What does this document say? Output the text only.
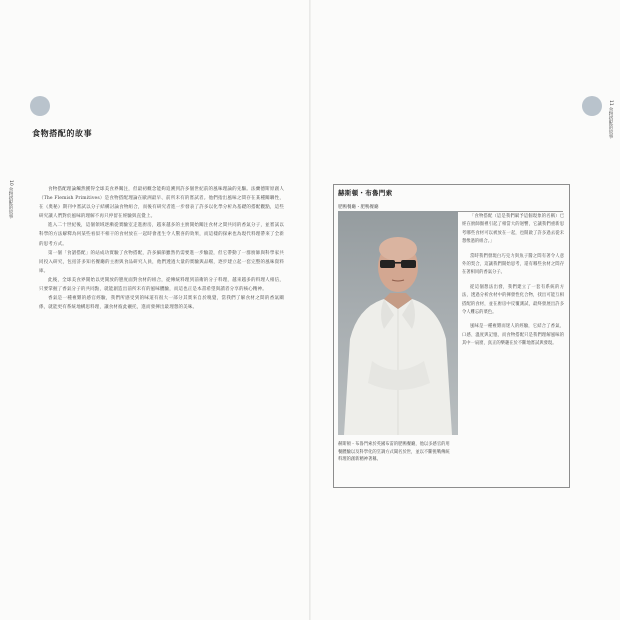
10 食物搭配的故事
11 食物搭配的故事
食物搭配的故事

食物搭配理論觸然獲得全球美食界關注，但最初概念能夠追溯到許多個世紀前的風味理論的先驅。法蘭德斯原創人（The Flemish Primitives）是食物搭配理論在歐洲最早、前所未有的嘗試者。他們指出風味之間存在某種關聯性，在《奧秘》期刊中嘗試以分子結構討論食物組合，而後有研究者進一步發表了許多以化學分析為基礎的搭配觀點，這些研究讓人們對於風味的理解不再只停留在經驗與直覺上。

進入二十世紀後，這個領域逐漸從實驗室走進廚房，越來越多的主廚開始關注食材之間共同的香氣分子，並嘗試以科學的方法解釋為何某些看似不相干的食材放在一起時會產生令人驚喜的效果，而這樣的探索也為現代料理帶來了全新的思考方式。

第一個「食譜搭配」的站成功實驗了食物搭配，許多細節雖然仍需要進一步驗證，但它帶動了一群廚師與科學家共同投入研究，包括許多知名餐廳的主廚與食品研究人員，他們透過大量的實驗與品嚐，逐步建立起一套完整的風味資料庫。

此後，全球美食界開始以更開放的態度面對食材的組合，從傳統料理到前衛的分子料理，越來越多的料理人相信，只要掌握了香氣分子的共同點，就能創造出前所未有的風味體驗，而這也正是本書希望與讀者分享的核心精神。

香氣是一種複雜的感官經驗，我們所感受到的味道有很大一部分其實來自於嗅覺，當我們了解食材之間的香氣關係，就能更有系統地構思料理，讓食材彼此襯托，進而發揮出最理想的美味。

赫斯頓・布魯門索
肥鴨餐廳・肥鴨餐廳

「食物搭配（這是我們賦予這個現象的名稱）已經在廚師圈裡引起了相當大的迴響，它讓我們重新思考哪些食材可以被放在一起，也開啟了許多過去從未想像過的組合。」

當時我們發現白巧克力與魚子醬之間有著令人意外的契合，這讓我們開始思考，還有哪些食材之間存在著相同的香氣分子。

從這個想法出發，我們建立了一套有系統的方法，透過分析食材中的揮發性化合物，找出可能互相搭配的食材，並在廚房中反覆測試，最終發展出許多令人難忘的菜色。

風味是一種複雜而迷人的經驗，它結合了香氣、口感、溫度與記憶，而食物搭配只是我們理解風味的其中一扇窗，真正的樂趣在於不斷地嘗試與發現。

赫斯頓・布魯門索於英國布雷的肥鴨餐廳，他以多感官的用餐體驗以及科學化的烹調方式聞名於世，並以不斷挑戰傳統料理的創新精神著稱。
